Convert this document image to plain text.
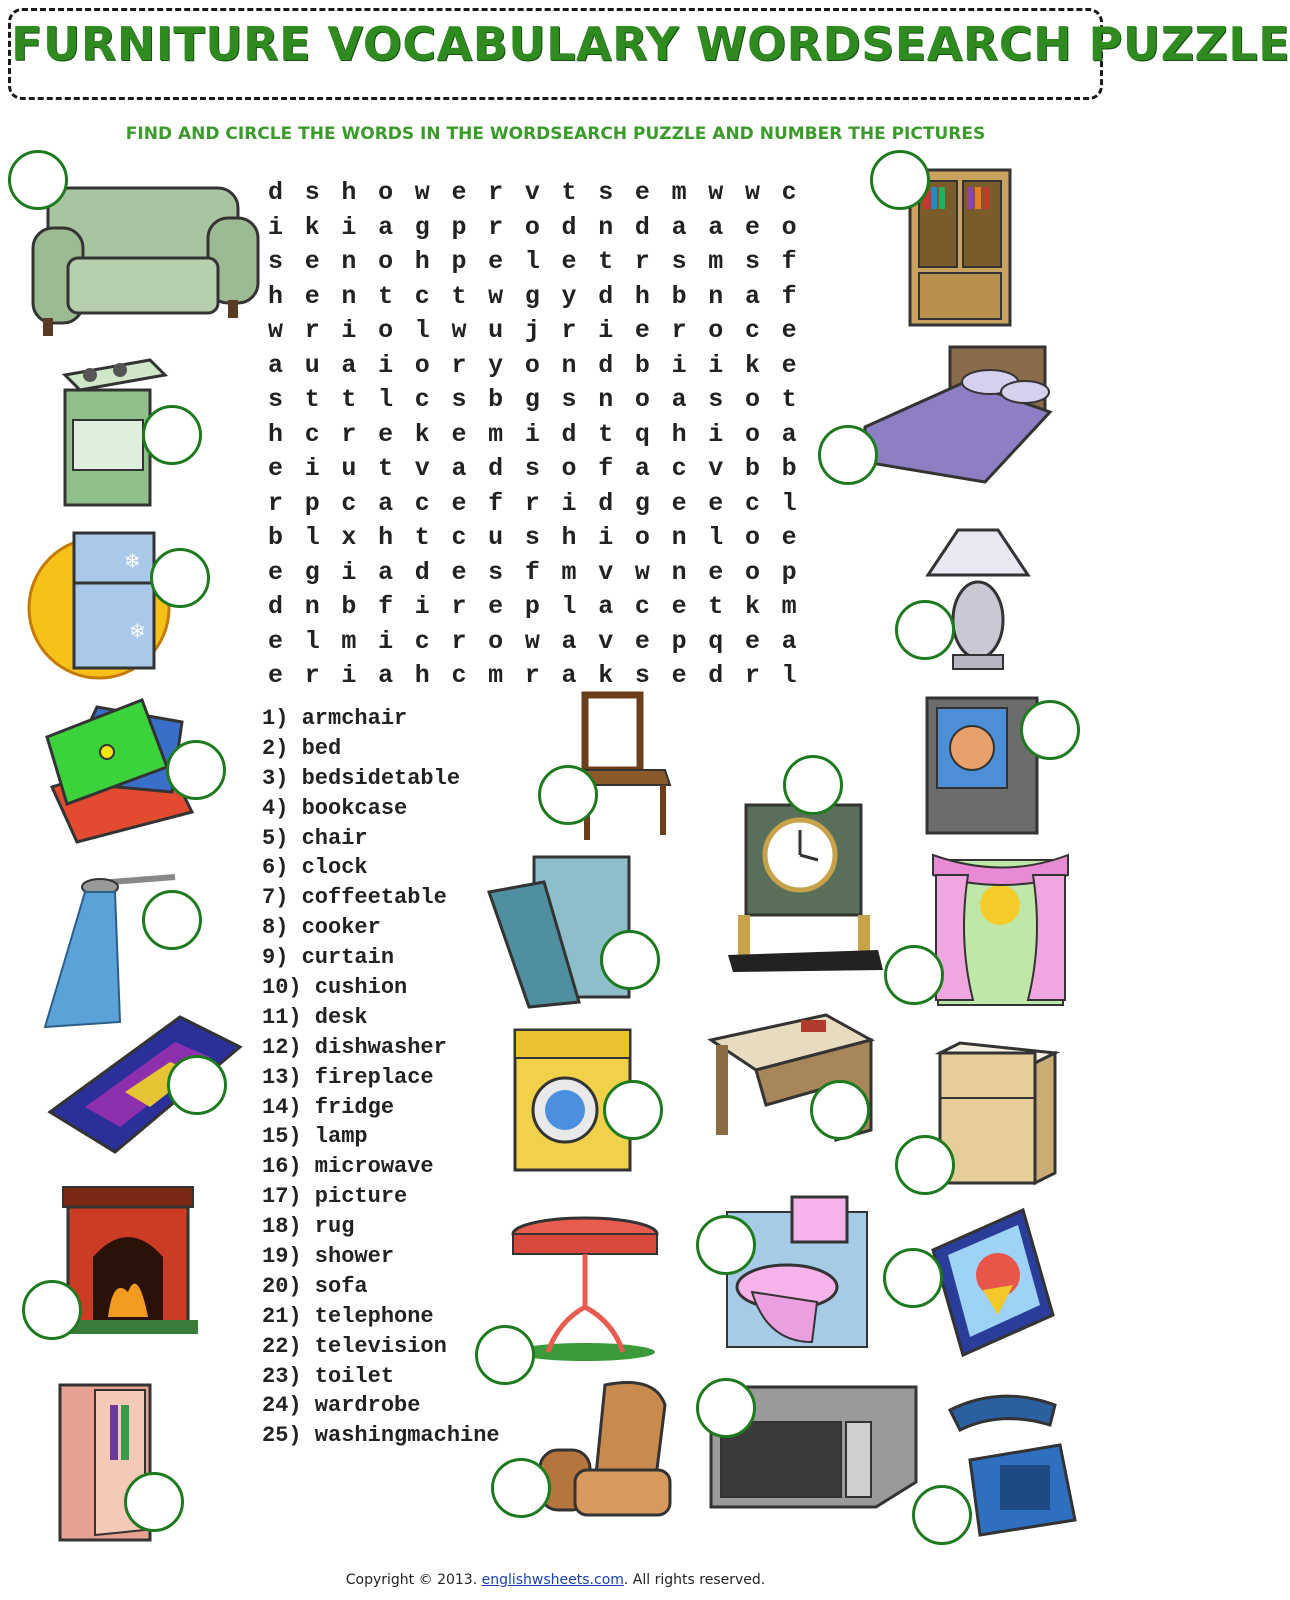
FURNITURE VOCABULARY WORDSEARCH PUZZLE
FIND AND CIRCLE THE WORDS IN THE WORDSEARCH PUZZLE AND NUMBER THE PICTURES
d s h o w e r v t s e m w w c
i k i a g p r o d n d a a e o
s e n o h p e l e t r s m s f
h e n t c t w g y d h b n a f
w r i o l w u j r i e r o c е
a u a i o r y o n d b i i k e
s t t l c s b g s n o a s o t
h c r e k e m i d t q h i o a
e i u t v a d s o f a c v b b
r p c a c e f r i d g e e c l
b l x h t c u s h i o n l o e
e g i a d e s f m v w n e o p
d n b f i r e p l a c e t k m
e l m i c r o w a v e p q e a
e r i a h c m r a k s e d r l
1) armchair
2) bed
3) bedsidetable
4) bookcase
5) chair
6) clock
7) coffeetable
8) cooker
9) curtain
10) cushion
11) desk
12) dishwasher
13) fireplace
14) fridge
15) lamp
16) microwave
17) picture
18) rug
19) shower
20) sofa
21) telephone
22) television
23) toilet
24) wardrobe
25) washingmachine
❄
❄
Copyright © 2013. englishwsheets.com. All rights reserved.
